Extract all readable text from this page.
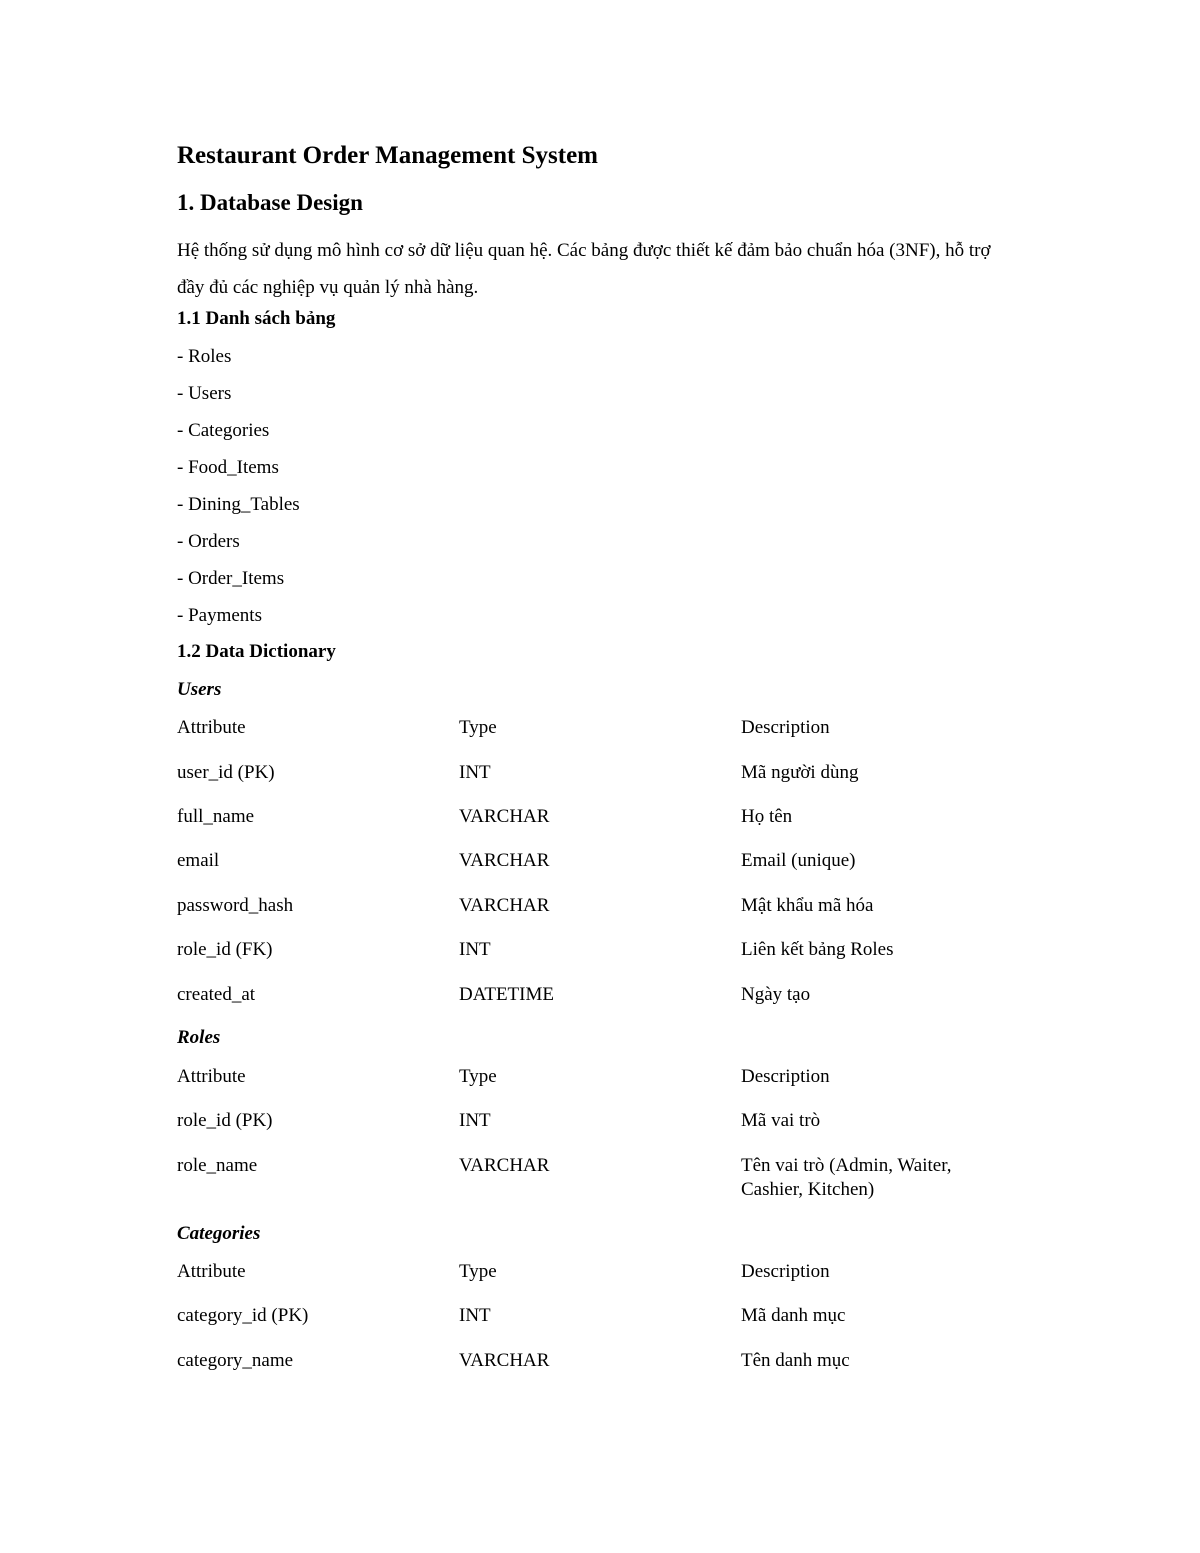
Restaurant Order Management System
1. Database Design
Hệ thống sử dụng mô hình cơ sở dữ liệu quan hệ. Các bảng được thiết kế đảm bảo chuẩn hóa (3NF), hỗ trợ đầy đủ các nghiệp vụ quản lý nhà hàng.
1.1 Danh sách bảng
- Roles
- Users
- Categories
- Food_Items
- Dining_Tables
- Orders
- Order_Items
- Payments
1.2 Data Dictionary
Users
Attribute	Type	Description
user_id (PK)	INT	Mã người dùng
full_name	VARCHAR	Họ tên
email	VARCHAR	Email (unique)
password_hash	VARCHAR	Mật khẩu mã hóa
role_id (FK)	INT	Liên kết bảng Roles
created_at	DATETIME	Ngày tạo
Roles
Attribute	Type	Description
role_id (PK)	INT	Mã vai trò
role_name	VARCHAR	Tên vai trò (Admin, Waiter, Cashier, Kitchen)
Categories
Attribute	Type	Description
category_id (PK)	INT	Mã danh mục
category_name	VARCHAR	Tên danh mục
